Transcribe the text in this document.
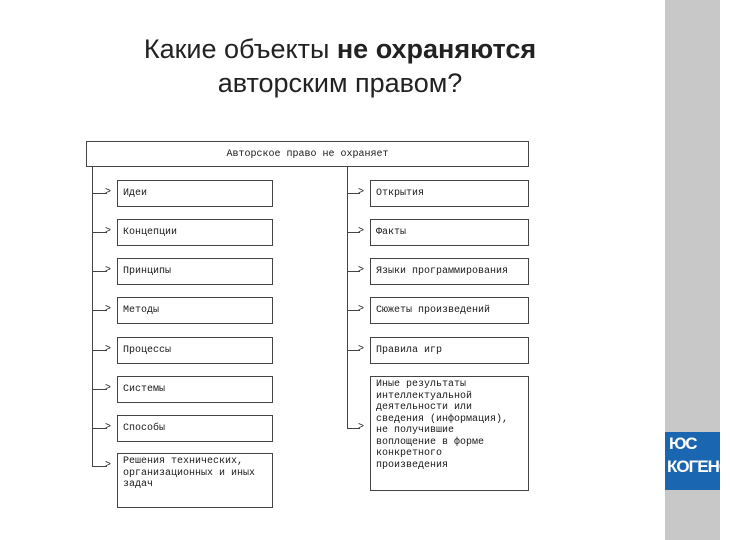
ЮС
КОГЕНС
Какие объекты не охраняются
авторским правом?
Авторское право не охраняет
> Идеи
> Концепции
> Принципы
> Методы
> Процессы
> Системы
> Способы
> Решения технических,
организационных и иных
задач
> Открытия
> Факты
> Языки программирования
> Сюжеты произведений
> Правила игр
>
Иные результаты
интеллектуальной
деятельности или
сведения (информация),
не получившие
воплощение в форме
конкретного
произведения
